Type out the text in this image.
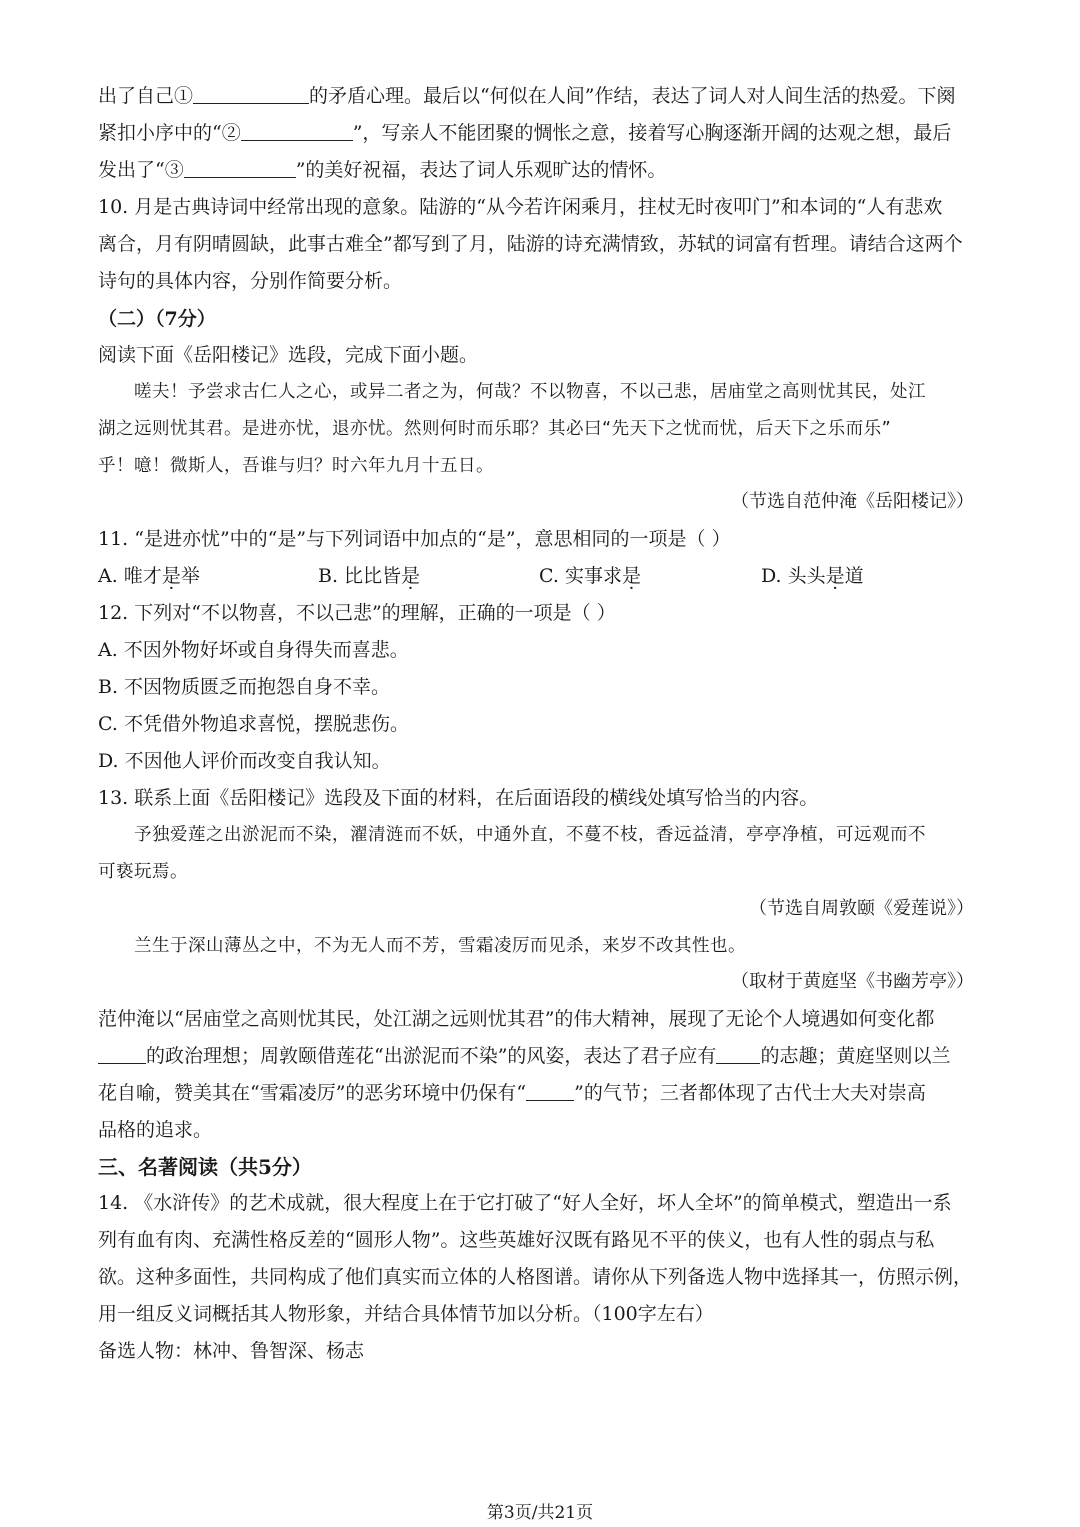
出了自己①	的矛盾心理。最后以“何似在人间”作结，表达了词人对人间生活的热爱。下阕
紧扣小序中的“②	”，写亲人不能团聚的惆怅之意，接着写心胸逐渐开阔的达观之想，最后
发出了“③	”的美好祝福，表达了词人乐观旷达的情怀。
10. 月是古典诗词中经常出现的意象。陆游的“从今若许闲乘月，拄杖无时夜叩门”和本词的“人有悲欢
离合，月有阴晴圆缺，此事古难全”都写到了月，陆游的诗充满情致，苏轼的词富有哲理。请结合这两个
诗句的具体内容，分别作简要分析。
（二）（7分）
阅读下面《岳阳楼记》选段，完成下面小题。
嗟夫！予尝求古仁人之心，或异二者之为，何哉？不以物喜，不以己悲，居庙堂之高则忧其民，处江
湖之远则忧其君。是进亦忧，退亦忧。然则何时而乐耶？其必曰“先天下之忧而忧，后天下之乐而乐”
乎！噫！微斯人，吾谁与归？时六年九月十五日。
（节选自范仲淹《岳阳楼记》）
11. “是进亦忧”中的“是”与下列词语中加点的“是”，意思相同的一项是（ ）
A. 唯才是举	B. 比比皆是	C. 实事求是	D. 头头是道
12. 下列对“不以物喜，不以己悲”的理解，正确的一项是（ ）
A. 不因外物好坏或自身得失而喜悲。
B. 不因物质匮乏而抱怨自身不幸。
C. 不凭借外物追求喜悦，摆脱悲伤。
D. 不因他人评价而改变自我认知。
13. 联系上面《岳阳楼记》选段及下面的材料，在后面语段的横线处填写恰当的内容。
予独爱莲之出淤泥而不染，濯清涟而不妖，中通外直，不蔓不枝，香远益清，亭亭净植，可远观而不
可亵玩焉。
（节选自周敦颐《爱莲说》）
兰生于深山薄丛之中，不为无人而不芳，雪霜凌厉而见杀，来岁不改其性也。
（取材于黄庭坚《书幽芳亭》）
范仲淹以“居庙堂之高则忧其民，处江湖之远则忧其君”的伟大精神，展现了无论个人境遇如何变化都
的政治理想；周敦颐借莲花“出淤泥而不染”的风姿，表达了君子应有 的志趣；黄庭坚则以兰
花自喻，赞美其在“雪霜凌厉”的恶劣环境中仍保有“	”的气节；三者都体现了古代士大夫对崇高
品格的追求。
三、名著阅读（共5分）
14. 《水浒传》的艺术成就，很大程度上在于它打破了“好人全好，坏人全坏”的简单模式，塑造出一系
列有血有肉、充满性格反差的“圆形人物”。这些英雄好汉既有路见不平的侠义，也有人性的弱点与私
欲。这种多面性，共同构成了他们真实而立体的人格图谱。请你从下列备选人物中选择其一，仿照示例，
用一组反义词概括其人物形象，并结合具体情节加以分析。（100字左右）
备选人物：林冲、鲁智深、杨志
第3页/共21页
